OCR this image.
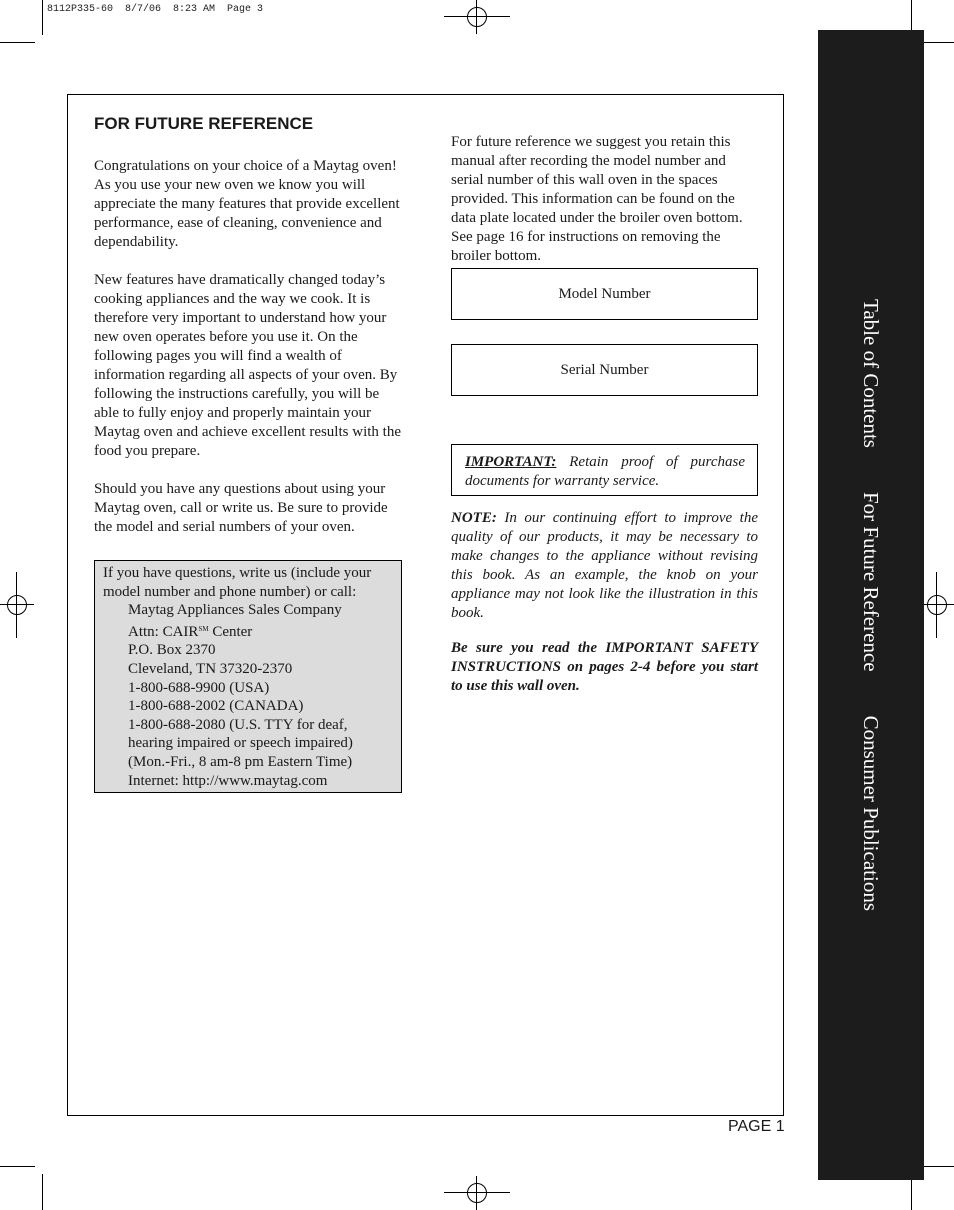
8112P335-60  8/7/06  8:23 AM  Page 3
Table of Contents
For Future Reference
Consumer Publications
FOR FUTURE REFERENCE

Congratulations on your choice of a Maytag oven! As you use your new oven we know you will appreciate the many features that provide excellent performance, ease of cleaning, convenience and dependability.

New features have dramatically changed today’s cooking appliances and the way we cook. It is therefore very important to understand how your new oven operates before you use it. On the following pages you will find a wealth of information regarding all aspects of your oven. By following the instructions carefully, you will be able to fully enjoy and properly maintain your Maytag oven and achieve excellent results with the food you prepare.

Should you have any questions about using your Maytag oven, call or write us. Be sure to provide the model and serial numbers of your oven.

If you have questions, write us (include your model number and phone number) or call:
Maytag Appliances Sales Company
Attn: CAIR℠ Center
P.O. Box 2370
Cleveland, TN 37320-2370
1-800-688-9900 (USA)
1-800-688-2002 (CANADA)
1-800-688-2080 (U.S. TTY for deaf,
hearing impaired or speech impaired)
(Mon.-Fri., 8 am-8 pm Eastern Time)
Internet: http://www.maytag.com

For future reference we suggest you retain this manual after recording the model number and serial number of this wall oven in the spaces provided. This information can be found on the data plate located under the broiler oven bottom. See page 16 for instructions on removing the broiler bottom.

Model Number
Serial Number
IMPORTANT: Retain proof of purchase documents for warranty service.
NOTE: In our continuing effort to improve the quality of our products, it may be necessary to make changes to the appliance without revising this book. As an example, the knob on your appliance may not look like the illustration in this book.
Be sure you read the IMPORTANT SAFETY INSTRUCTIONS on pages 2-4 before you start to use this wall oven.
PAGE 1
